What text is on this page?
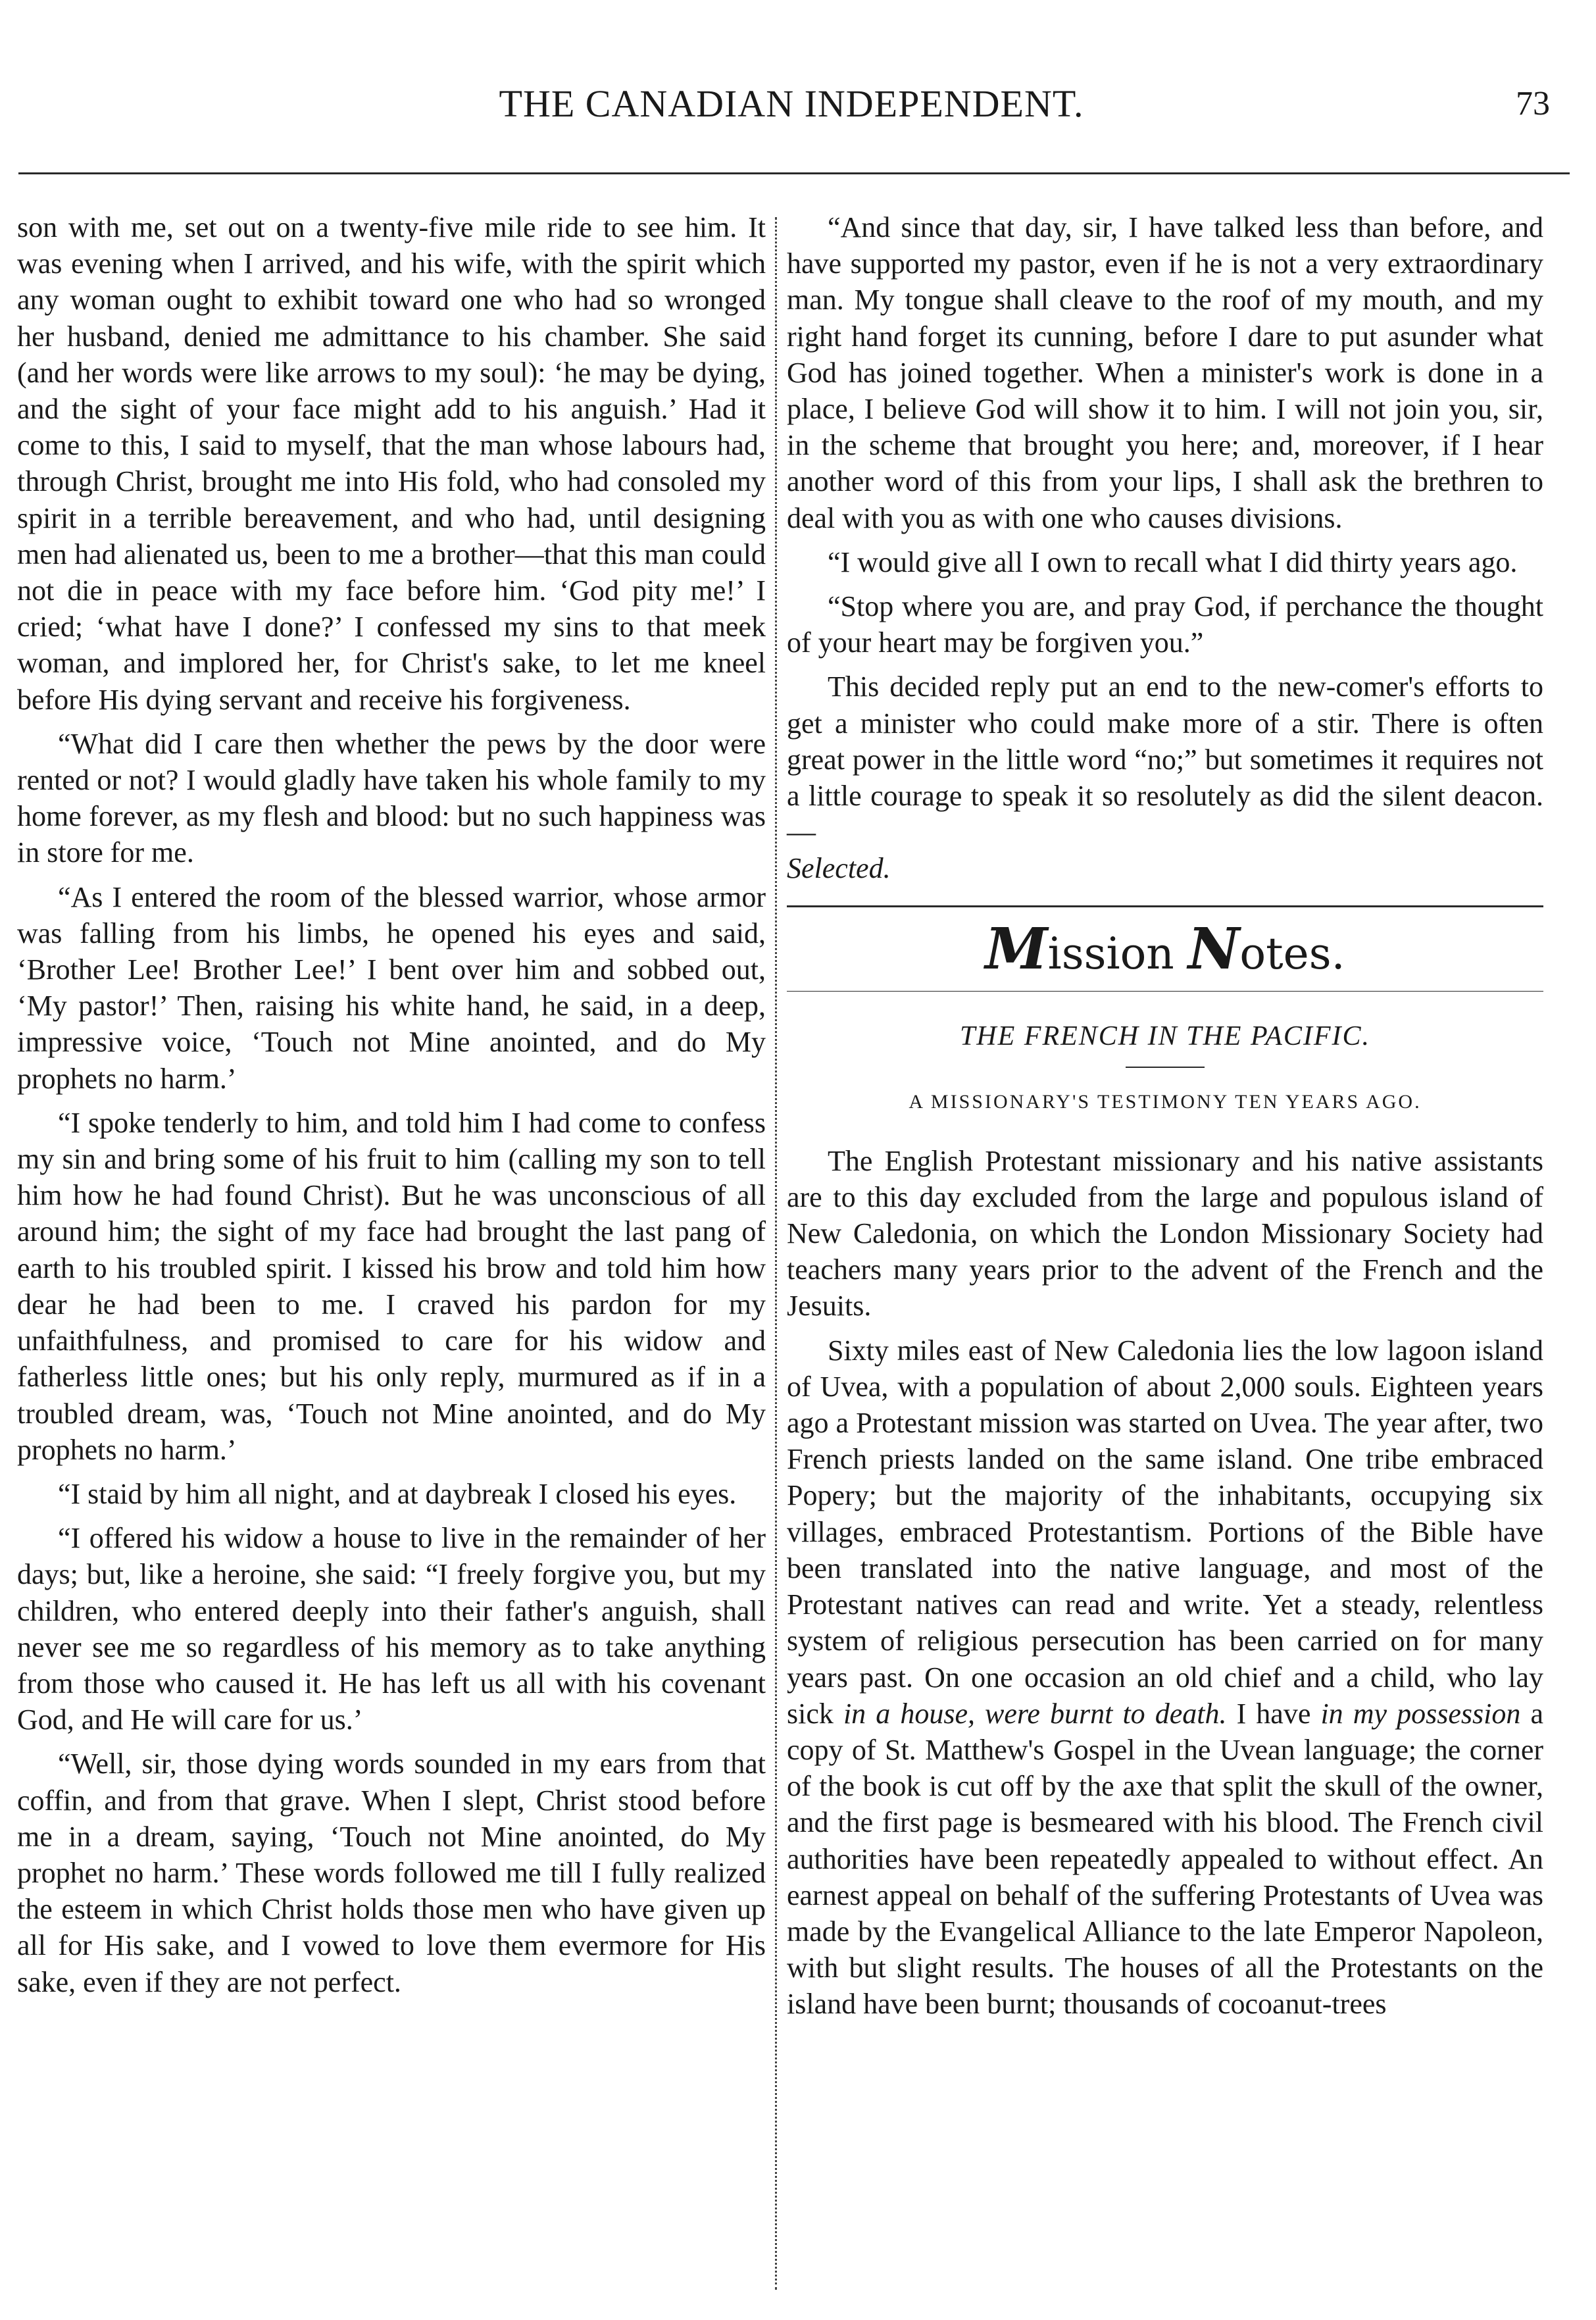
THE CANADIAN INDEPENDENT.	73

son with me, set out on a twenty-five mile ride to see him. It was evening when I arrived, and his wife, with the spirit which any woman ought to exhibit toward one who had so wronged her husband, denied me admittance to his chamber. She said (and her words were like arrows to my soul): ‘he may be dying, and the sight of your face might add to his anguish.’ Had it come to this, I said to myself, that the man whose labours had, through Christ, brought me into His fold, who had consoled my spirit in a terrible bereavement, and who had, until designing men had alienated us, been to me a brother—that this man could not die in peace with my face before him. ‘God pity me!’ I cried; ‘what have I done?’ I confessed my sins to that meek woman, and implored her, for Christ's sake, to let me kneel before His dying servant and receive his forgiveness.

“What did I care then whether the pews by the door were rented or not? I would gladly have taken his whole family to my home forever, as my flesh and blood: but no such happiness was in store for me.

“As I entered the room of the blessed warrior, whose armor was falling from his limbs, he opened his eyes and said, ‘Brother Lee! Brother Lee!’ I bent over him and sobbed out, ‘My pastor!’ Then, raising his white hand, he said, in a deep, impressive voice, ‘Touch not Mine anointed, and do My prophets no harm.’

“I spoke tenderly to him, and told him I had come to confess my sin and bring some of his fruit to him (calling my son to tell him how he had found Christ). But he was unconscious of all around him; the sight of my face had brought the last pang of earth to his troubled spirit. I kissed his brow and told him how dear he had been to me. I craved his pardon for my unfaithfulness, and promised to care for his widow and fatherless little ones; but his only reply, murmured as if in a troubled dream, was, ‘Touch not Mine anointed, and do My prophets no harm.’

“I staid by him all night, and at daybreak I closed his eyes.

“I offered his widow a house to live in the remainder of her days; but, like a heroine, she said: “I freely forgive you, but my children, who entered deeply into their father's anguish, shall never see me so regardless of his memory as to take anything from those who caused it. He has left us all with his covenant God, and He will care for us.’

“Well, sir, those dying words sounded in my ears from that coffin, and from that grave. When I slept, Christ stood before me in a dream, saying, ‘Touch not Mine anointed, do My prophet no harm.’ These words followed me till I fully realized the esteem in which Christ holds those men who have given up all for His sake, and I vowed to love them evermore for His sake, even if they are not perfect.

“And since that day, sir, I have talked less than before, and have supported my pastor, even if he is not a very extraordinary man. My tongue shall cleave to the roof of my mouth, and my right hand forget its cunning, before I dare to put asunder what God has joined together. When a minister's work is done in a place, I believe God will show it to him. I will not join you, sir, in the scheme that brought you here; and, moreover, if I hear another word of this from your lips, I shall ask the brethren to deal with you as with one who causes divisions.

“I would give all I own to recall what I did thirty years ago.

“Stop where you are, and pray God, if perchance the thought of your heart may be forgiven you.”

This decided reply put an end to the new-comer's efforts to get a minister who could make more of a stir. There is often great power in the little word “no;” but sometimes it requires not a little courage to speak it so resolutely as did the silent deacon.—
Selected.

Mission Notes.
THE FRENCH IN THE PACIFIC.
A MISSIONARY'S TESTIMONY TEN YEARS AGO.

The English Protestant missionary and his native assistants are to this day excluded from the large and populous island of New Caledonia, on which the London Missionary Society had teachers many years prior to the advent of the French and the Jesuits.

Sixty miles east of New Caledonia lies the low lagoon island of Uvea, with a population of about 2,000 souls. Eighteen years ago a Protestant mission was started on Uvea. The year after, two French priests landed on the same island. One tribe embraced Popery; but the majority of the inhabitants, occupying six villages, embraced Protestantism. Portions of the Bible have been translated into the native language, and most of the Protestant natives can read and write. Yet a steady, relentless system of religious persecution has been carried on for many years past. On one occasion an old chief and a child, who lay sick in a house, were burnt to death. I have in my possession a copy of St. Matthew's Gospel in the Uvean language; the corner of the book is cut off by the axe that split the skull of the owner, and the first page is besmeared with his blood. The French civil authorities have been repeatedly appealed to without effect. An earnest appeal on behalf of the suffering Protestants of Uvea was made by the Evangelical Alliance to the late Emperor Napoleon, with but slight results. The houses of all the Protestants on the island have been burnt; thousands of cocoanut-trees
